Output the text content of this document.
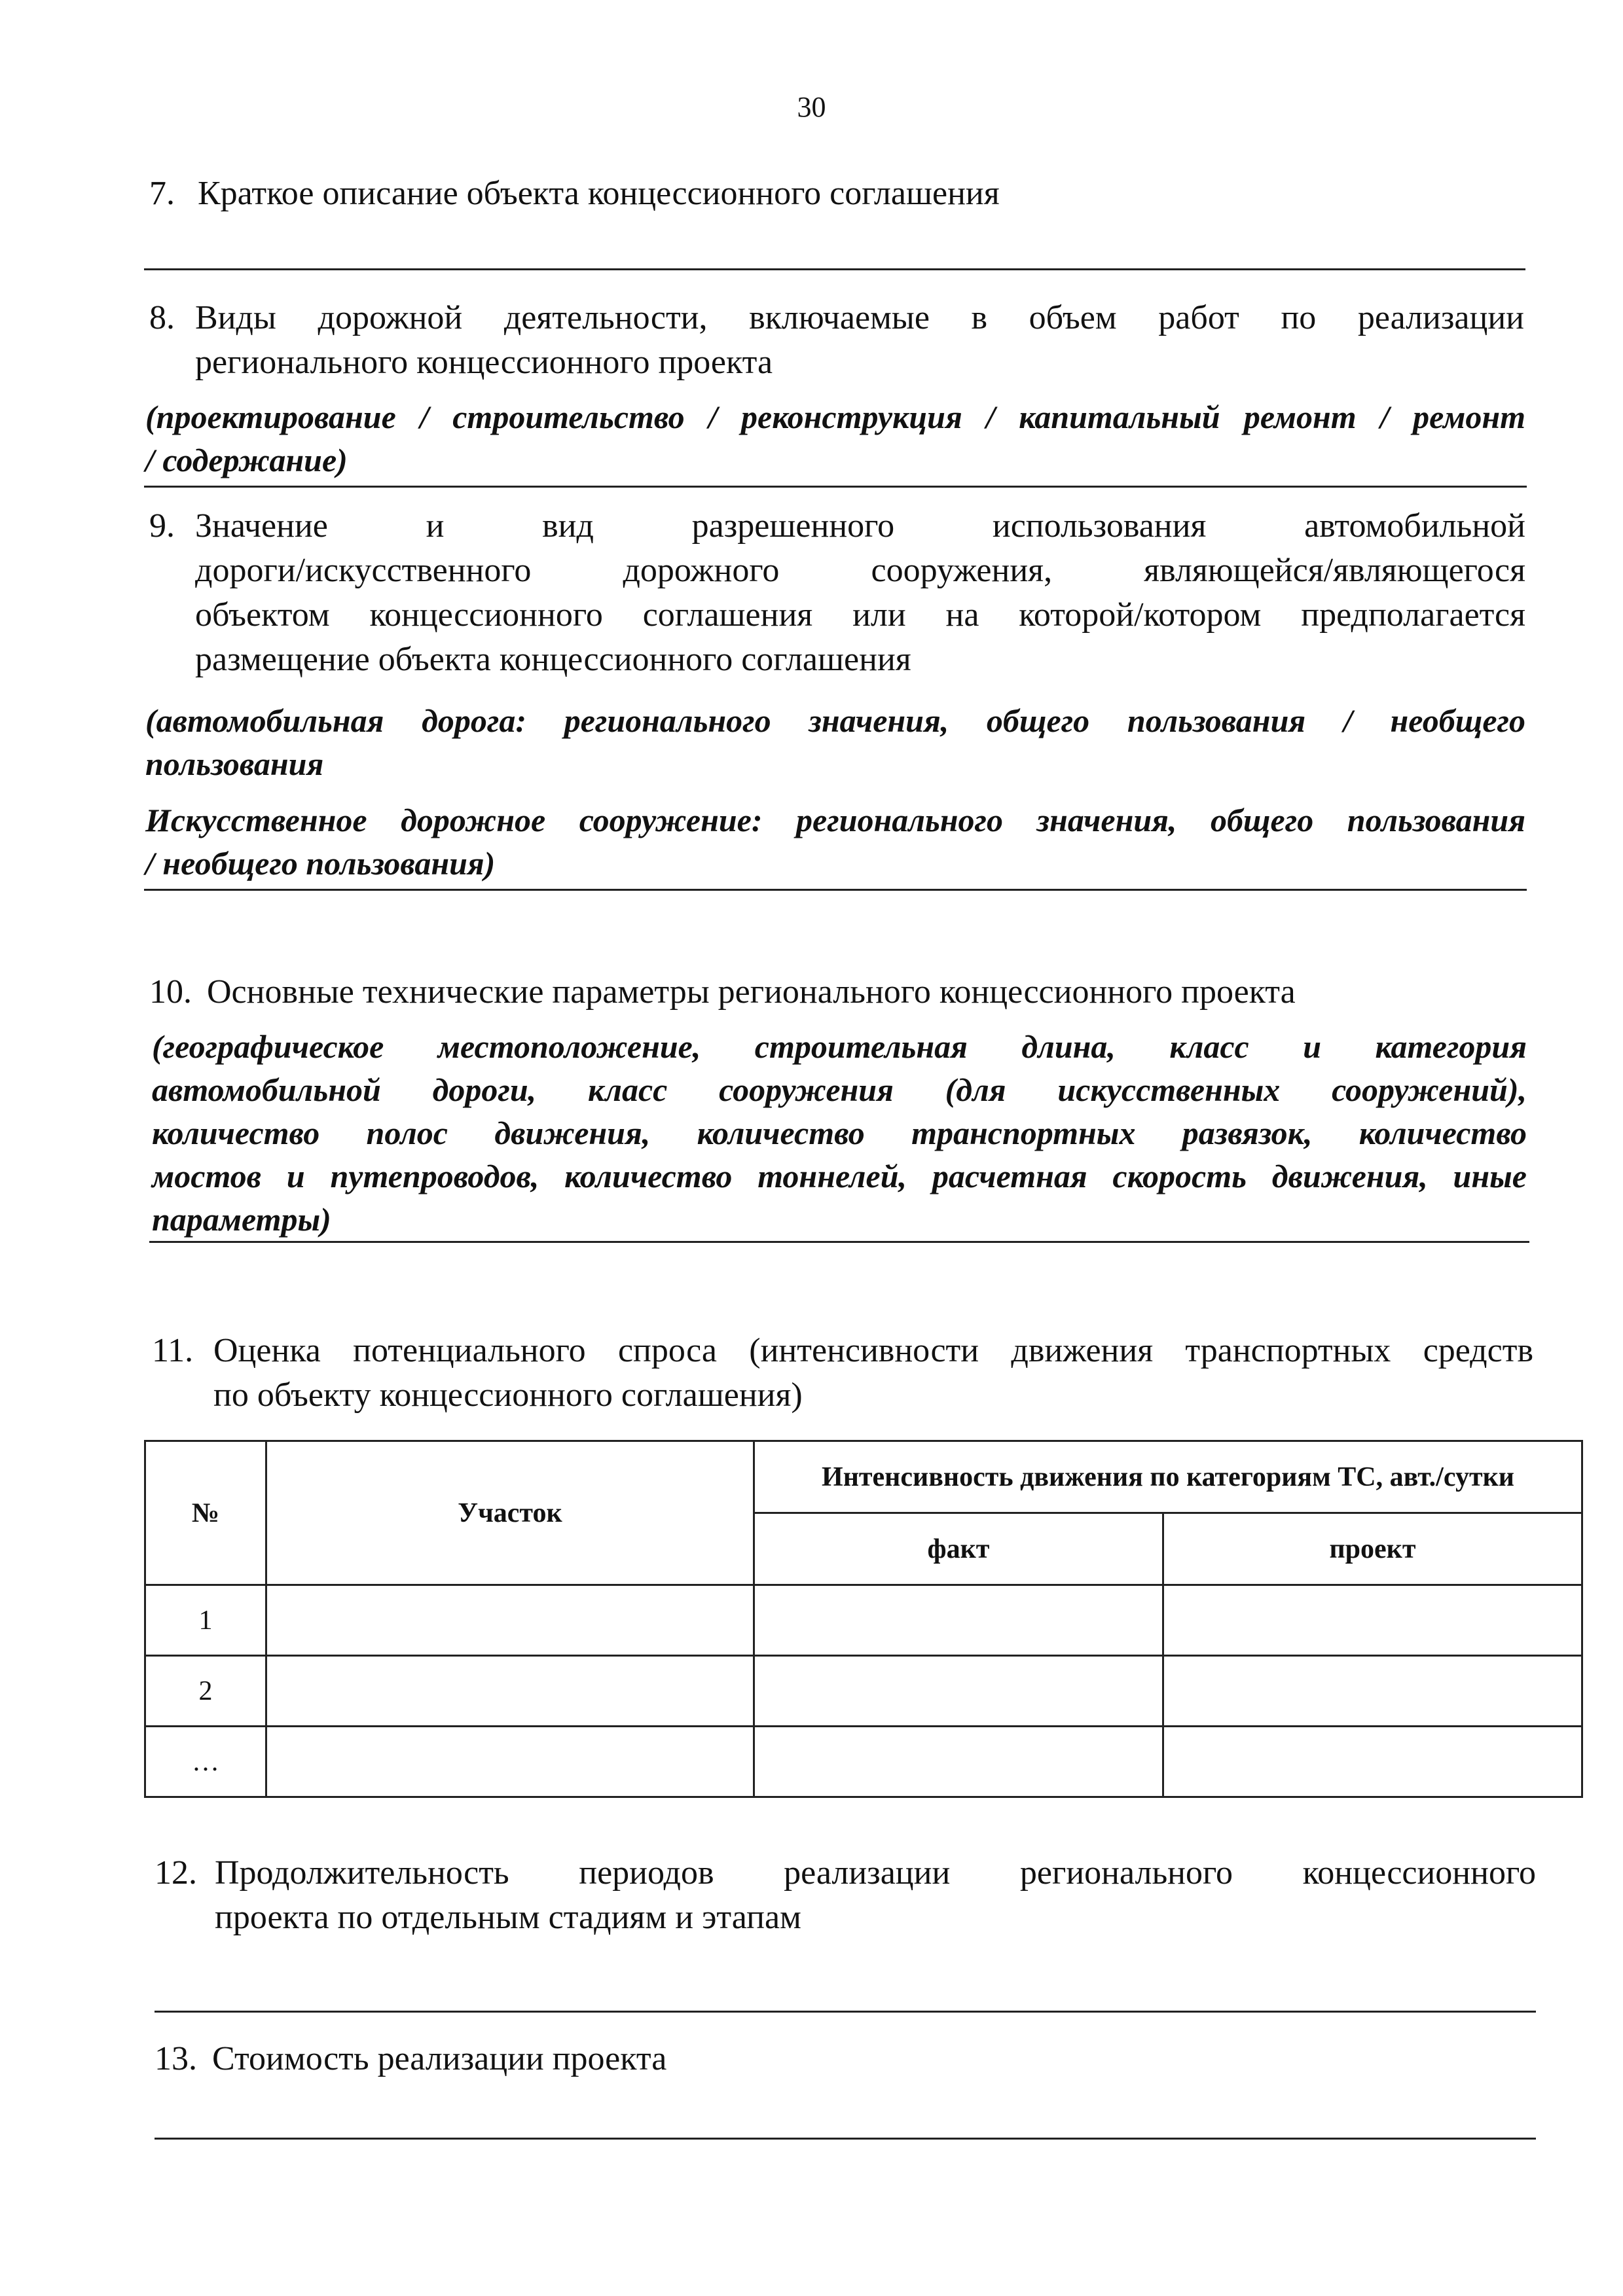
30
7. Краткое описание объекта концессионного соглашения
8. Виды дорожной деятельности, включаемые в объем работ по реализации
регионального концессионного проекта
(проектирование / строительство / реконструкция / капитальный ремонт / ремонт
/ содержание)
9. Значение и вид разрешенного использования автомобильной
дороги/искусственного дорожного сооружения, являющейся/являющегося
объектом концессионного соглашения или на которой/котором предполагается
размещение объекта концессионного соглашения
(автомобильная дорога: регионального значения, общего пользования / необщего
пользования
Искусственное дорожное сооружение: регионального значения, общего пользования
/ необщего пользования)
10. Основные технические параметры регионального концессионного проекта
(географическое местоположение, строительная длина, класс и категория
автомобильной дороги, класс сооружения (для искусственных сооружений),
количество полос движения, количество транспортных развязок, количество
мостов и путепроводов, количество тоннелей, расчетная скорость движения, иные
параметры)
11. Оценка потенциального спроса (интенсивности движения транспортных средств
по объекту концессионного соглашения)
№	Участок	Интенсивность движения по категориям ТС, авт./сутки	
		факт	проект
1			
2			
…			
12. Продолжительность периодов реализации регионального концессионного
проекта по отдельным стадиям и этапам
13. Стоимость реализации проекта
